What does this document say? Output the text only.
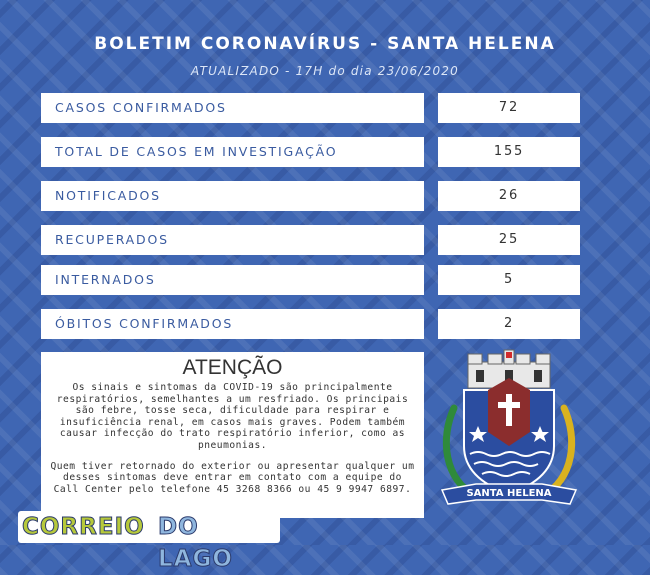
BOLETIM CORONAVÍRUS - SANTA HELENA
ATUALIZADO - 17H do dia 23/06/2020
CASOS CONFIRMADOS	72
TOTAL DE CASOS EM INVESTIGAÇÃO	155
NOTIFICADOS	26
RECUPERADOS	25
INTERNADOS	5
ÓBITOS CONFIRMADOS	2
ATENÇÃO

Os sinais e sintomas da COVID-19 são principalmente respiratórios, semelhantes a um resfriado. Os principais são febre, tosse seca, dificuldade para respirar e insuficiência renal, em casos mais graves. Podem também causar infecção do trato respiratório inferior, como as pneumonias.

Quem tiver retornado do exterior ou apresentar qualquer um desses sintomas deve entrar em contato com a equipe do Call Center pelo telefone 45 3268 8366 ou 45 9 9947 6897.	SANTA HELENA
CORREIO DO LAGO
